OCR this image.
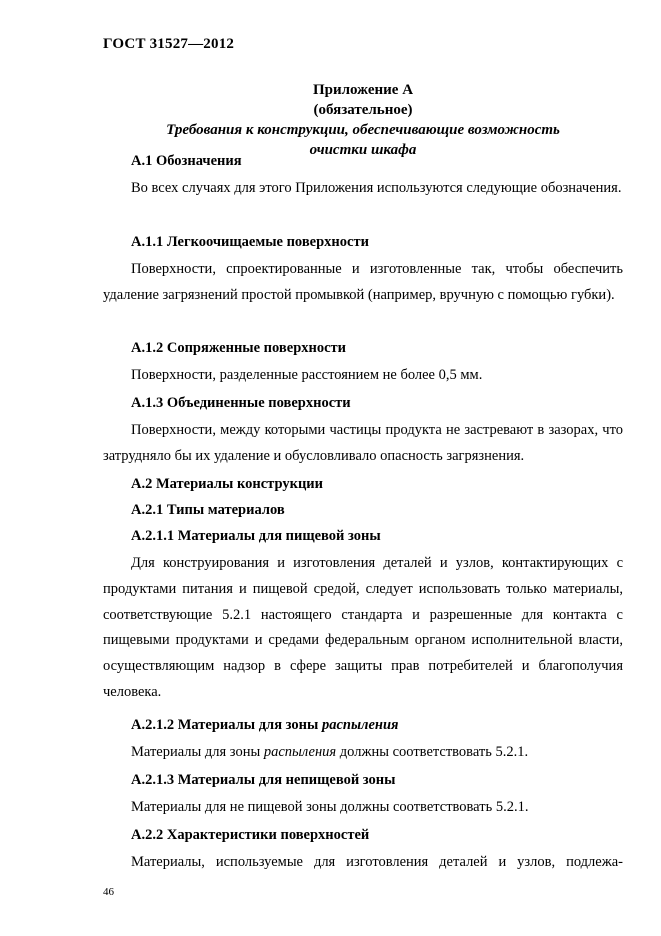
ГОСТ 31527—2012
Приложение А
(обязательное)
Требования к конструкции, обеспечивающие возможность
очистки шкафа
А.1 Обозначения

Во всех случаях для этого Приложения используются следующие обозначения.

А.1.1 Легкоочищаемые поверхности

Поверхности, спроектированные и изготовленные так, чтобы обеспечить удаление загрязнений простой промывкой (например, вручную с помощью губки).

А.1.2 Сопряженные поверхности

Поверхности, разделенные расстоянием не более 0,5 мм.

А.1.3 Объединенные поверхности

Поверхности, между которыми частицы продукта не застревают в зазорах, что затрудняло бы их удаление и обусловливало опасность загрязнения.

А.2 Материалы конструкции
А.2.1 Типы материалов
А.2.1.1 Материалы для пищевой зоны

Для конструирования и изготовления деталей и узлов, контактирующих с продуктами питания и пищевой средой, следует использовать только материалы, соответствующие 5.2.1 настоящего стандарта и разрешенные для контакта с пищевыми продуктами и средами федеральным органом исполнительной власти, осуществляющим надзор в сфере защиты прав потребителей и благополучия человека.

А.2.1.2 Материалы для зоны распыления

Материалы для зоны распыления должны соответствовать 5.2.1.

А.2.1.3 Материалы для непищевой зоны

Материалы для не пищевой зоны должны соответствовать 5.2.1.

А.2.2 Характеристики поверхностей

Материалы, используемые для изготовления деталей и узлов, подлежа-

46
